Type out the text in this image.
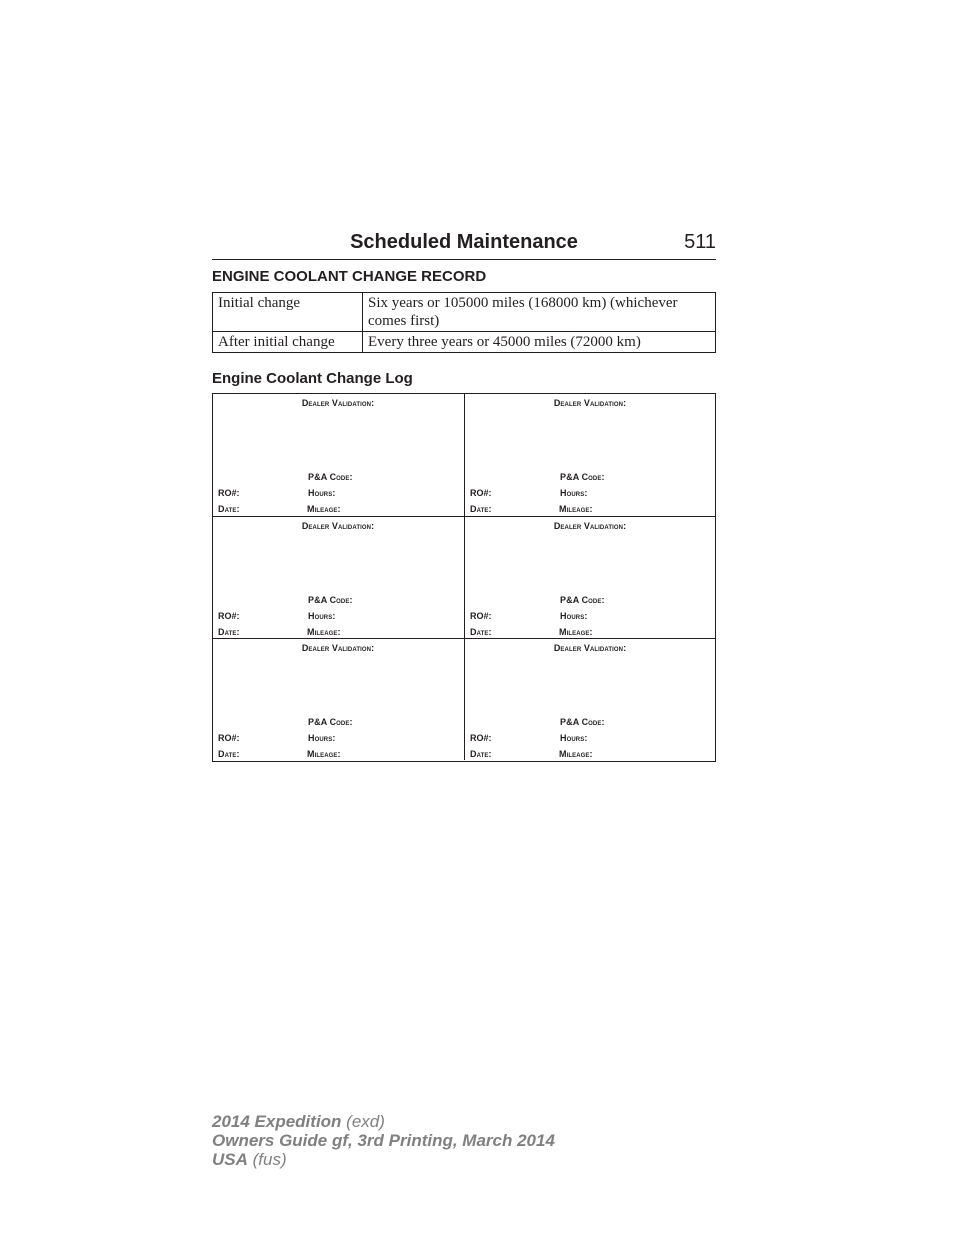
Scheduled Maintenance	511
ENGINE COOLANT CHANGE RECORD
Initial change	Six years or 105000 miles (168000 km) (whichever comes first)
After initial change	Every three years or 45000 miles (72000 km)
Engine Coolant Change Log
Dealer Validation:
P&A Code:
RO#:	Hours:
Date:	Mileage:
Dealer Validation:
P&A Code:
RO#:	Hours:
Date:	Mileage:
Dealer Validation:
P&A Code:
RO#:	Hours:
Date:	Mileage:
Dealer Validation:
P&A Code:
RO#:	Hours:
Date:	Mileage:
Dealer Validation:
P&A Code:
RO#:	Hours:
Date:	Mileage:
Dealer Validation:
P&A Code:
RO#:	Hours:
Date:	Mileage:
2014 Expedition (exd)
Owners Guide gf, 3rd Printing, March 2014
USA (fus)
